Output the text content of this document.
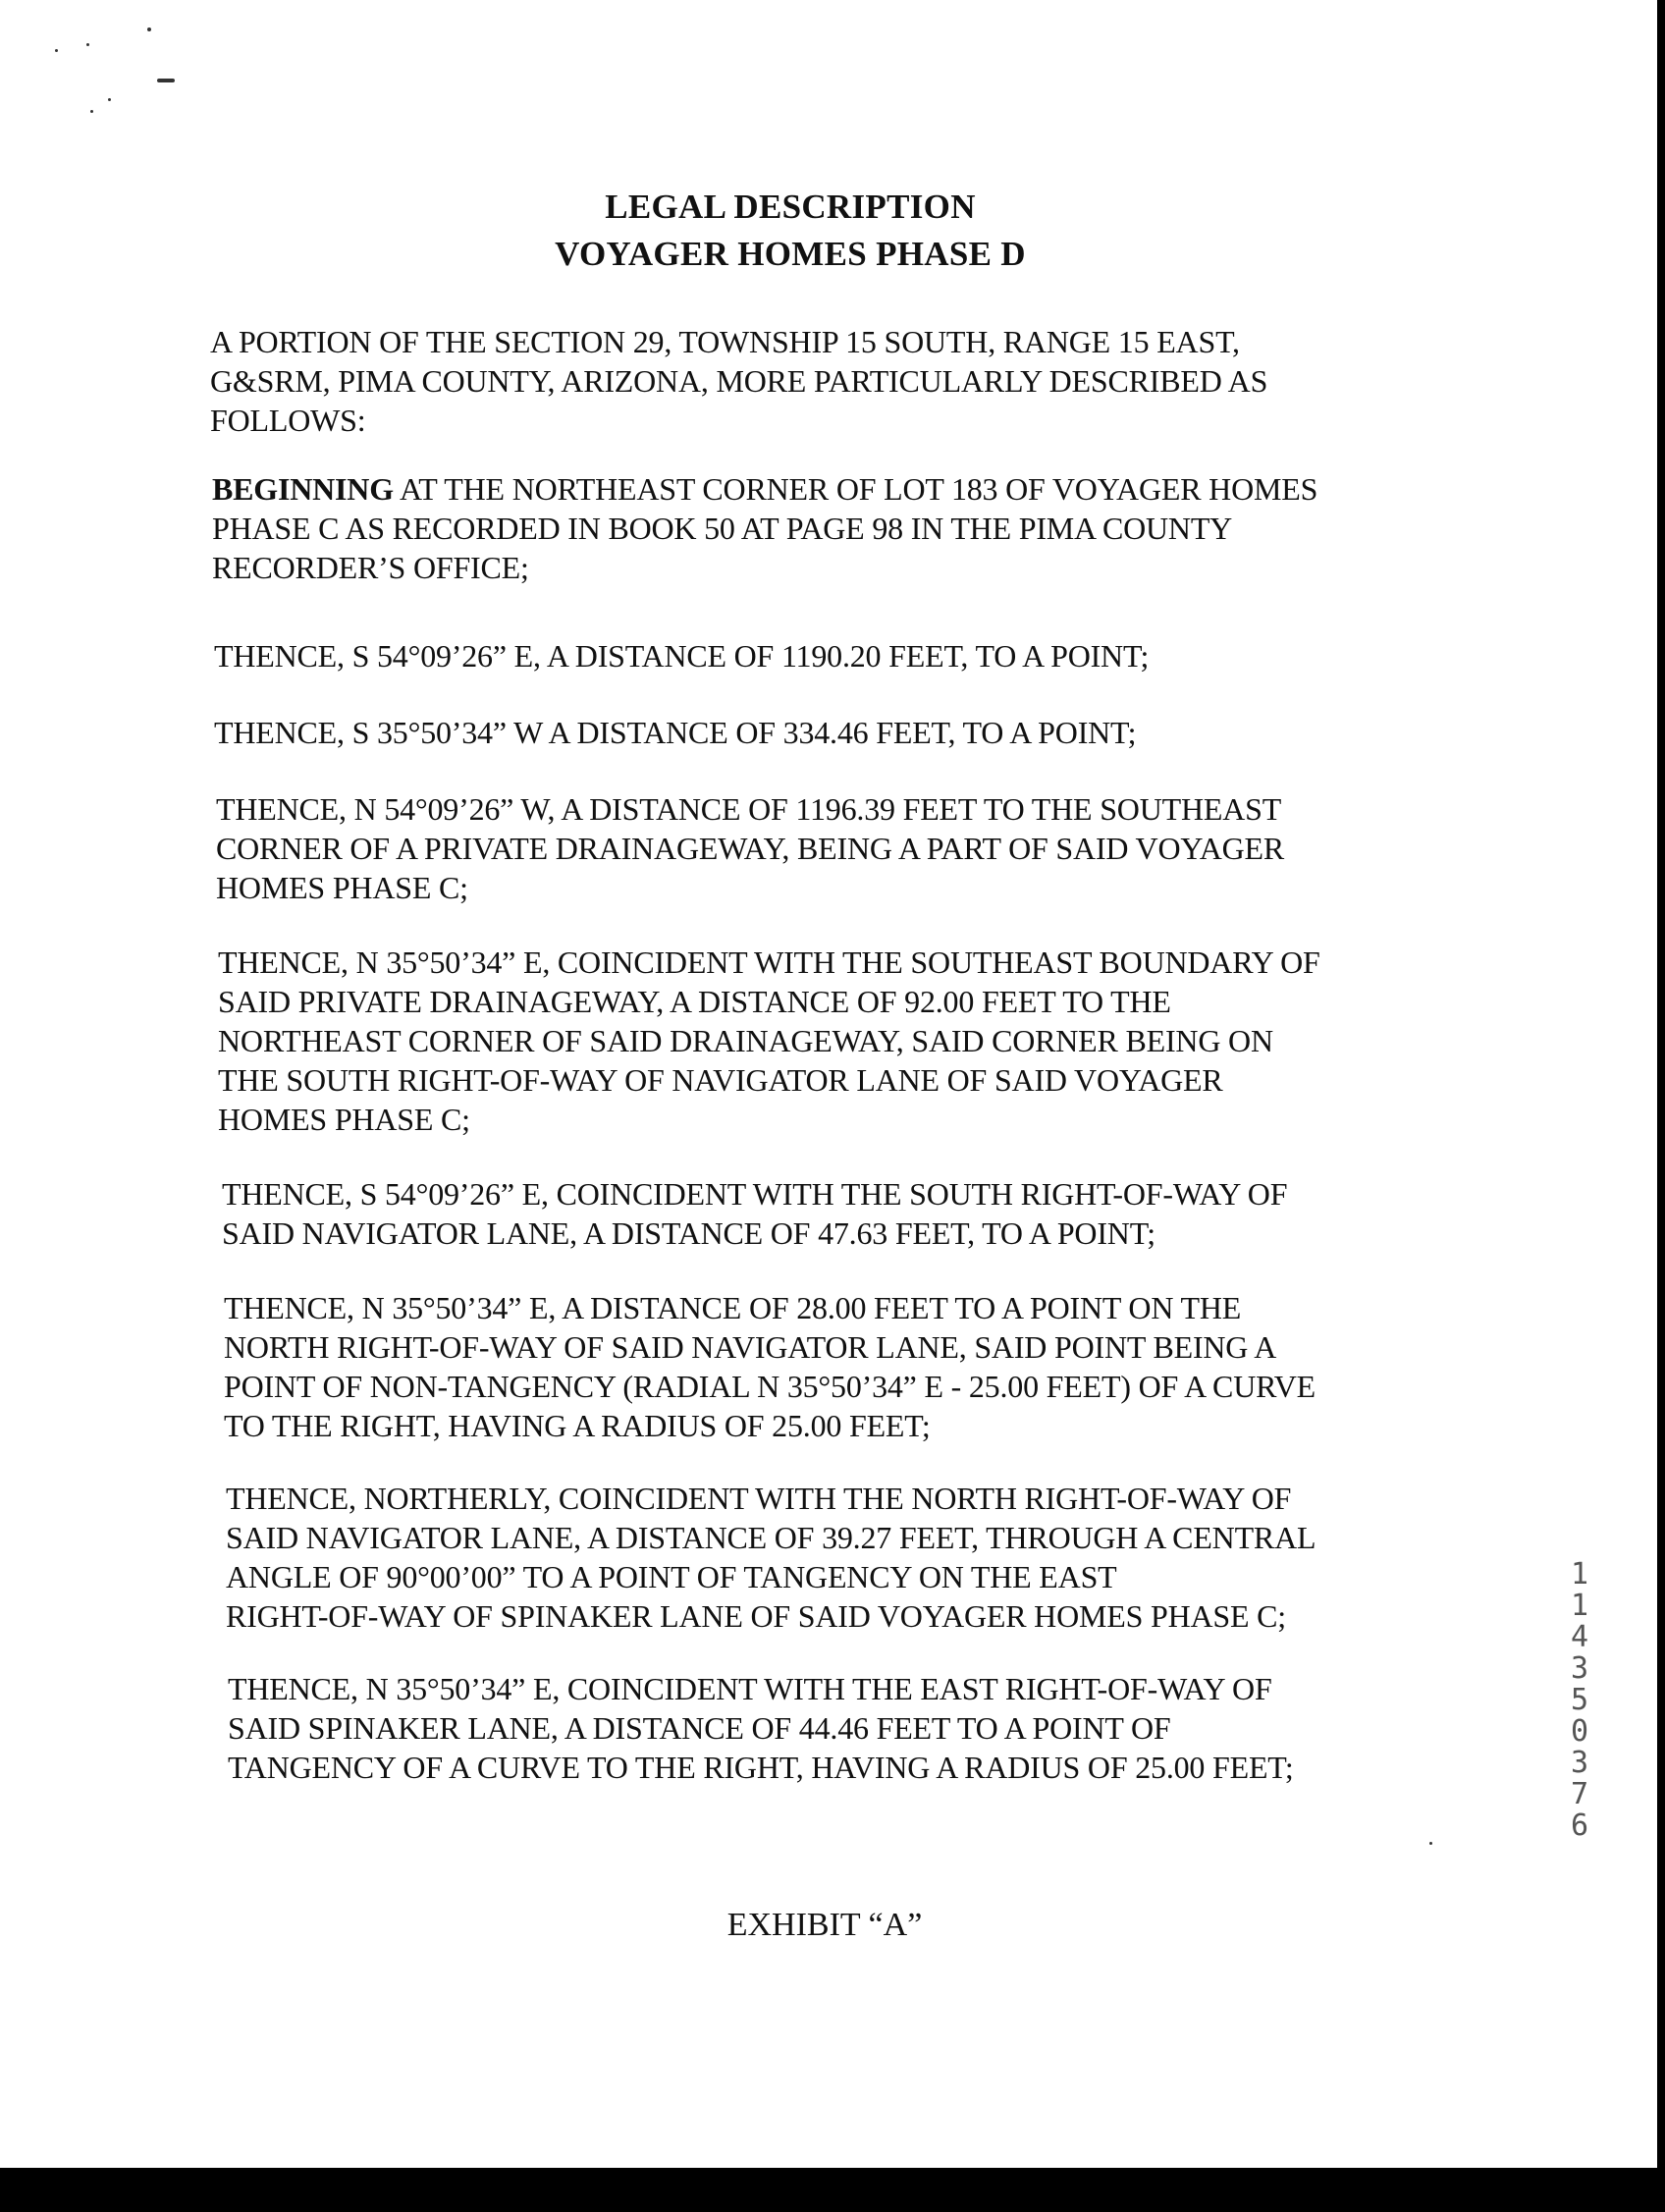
LEGAL DESCRIPTION
VOYAGER HOMES PHASE D
A PORTION OF THE SECTION 29, TOWNSHIP 15 SOUTH, RANGE 15 EAST,
G&SRM, PIMA COUNTY, ARIZONA, MORE PARTICULARLY DESCRIBED AS
FOLLOWS:
BEGINNING AT THE NORTHEAST CORNER OF LOT 183 OF VOYAGER HOMES
PHASE C AS RECORDED IN BOOK 50 AT PAGE 98 IN THE PIMA COUNTY
RECORDER’S OFFICE;
THENCE, S 54°09’26” E, A DISTANCE OF 1190.20 FEET, TO A POINT;
THENCE, S 35°50’34” W A DISTANCE OF 334.46 FEET, TO A POINT;
THENCE, N 54°09’26” W, A DISTANCE OF 1196.39 FEET TO THE SOUTHEAST
CORNER OF A PRIVATE DRAINAGEWAY, BEING A PART OF SAID VOYAGER
HOMES PHASE C;
THENCE, N 35°50’34” E, COINCIDENT WITH THE SOUTHEAST BOUNDARY OF
SAID PRIVATE DRAINAGEWAY, A DISTANCE OF 92.00 FEET TO THE
NORTHEAST CORNER OF SAID DRAINAGEWAY, SAID CORNER BEING ON
THE SOUTH RIGHT-OF-WAY OF NAVIGATOR LANE OF SAID VOYAGER
HOMES PHASE C;
THENCE, S 54°09’26” E, COINCIDENT WITH THE SOUTH RIGHT-OF-WAY OF
SAID NAVIGATOR LANE, A DISTANCE OF 47.63 FEET, TO A POINT;
THENCE, N 35°50’34” E, A DISTANCE OF 28.00 FEET TO A POINT ON THE
NORTH RIGHT-OF-WAY OF SAID NAVIGATOR LANE, SAID POINT BEING A
POINT OF NON-TANGENCY (RADIAL N 35°50’34” E - 25.00 FEET) OF A CURVE
TO THE RIGHT, HAVING A RADIUS OF 25.00 FEET;
THENCE, NORTHERLY, COINCIDENT WITH THE NORTH RIGHT-OF-WAY OF
SAID NAVIGATOR LANE, A DISTANCE OF 39.27 FEET, THROUGH A CENTRAL
ANGLE OF 90°00’00” TO A POINT OF TANGENCY ON THE EAST
RIGHT-OF-WAY OF SPINAKER LANE OF SAID VOYAGER HOMES PHASE C;
THENCE, N 35°50’34” E, COINCIDENT WITH THE EAST RIGHT-OF-WAY OF
SAID SPINAKER LANE, A DISTANCE OF 44.46 FEET TO A POINT OF
TANGENCY OF A CURVE TO THE RIGHT, HAVING A RADIUS OF 25.00 FEET;
EXHIBIT “A”
11435 0376
